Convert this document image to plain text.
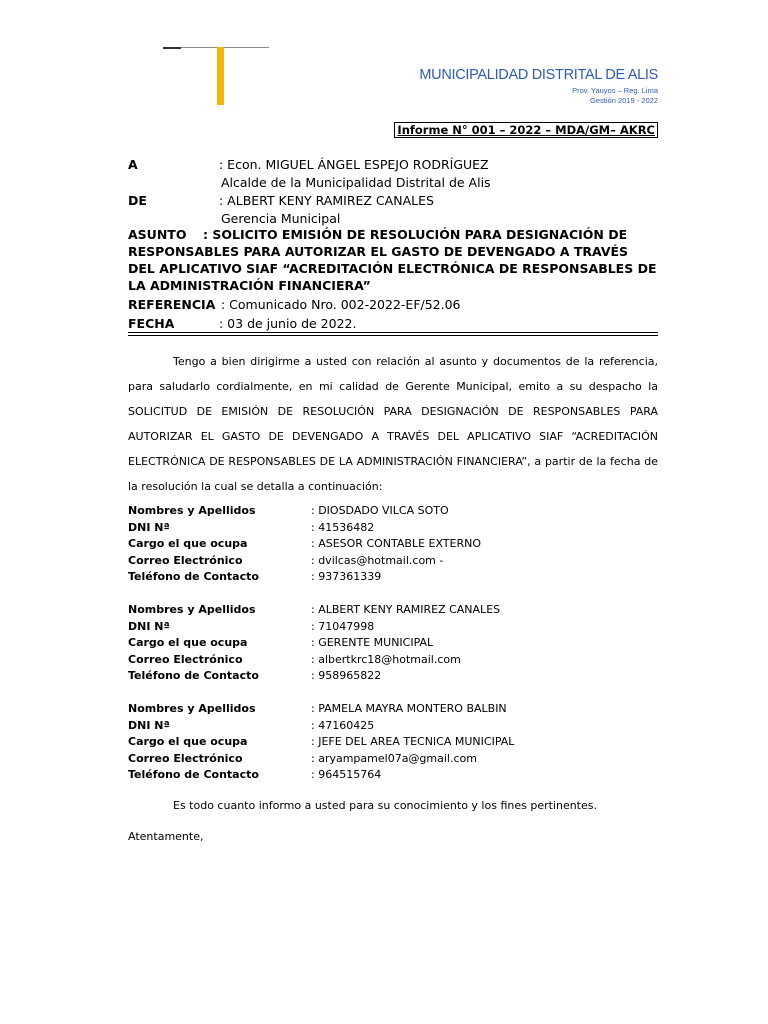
MUNICIPALIDAD DISTRITAL DE ALIS
Prov. Yauyos – Reg. Lima
Gestión 2019 - 2022
Informe N° 001 – 2022 – MDA/GM– AKRC
A	: Econ. MIGUEL ÁNGEL ESPEJO RODRÍGUEZ
Alcalde de la Municipalidad Distrital de Alis
DE	: ALBERT KENY RAMIREZ CANALES
Gerencia Municipal
ASUNTO : SOLICITO EMISIÓN DE RESOLUCIÓN PARA DESIGNACIÓN DE RESPONSABLES PARA AUTORIZAR EL GASTO DE DEVENGADO A TRAVÉS DEL APLICATIVO SIAF “ACREDITACIÓN ELECTRÓNICA DE RESPONSABLES DE LA ADMINISTRACIÓN FINANCIERA”
REFERENCIA : Comunicado Nro. 002-2022-EF/52.06
FECHA	: 03 de junio de 2022.
Tengo a bien dirigirme a usted con relación al asunto y documentos de la referencia, para saludarlo cordialmente, en mi calidad de Gerente Municipal, emito a su despacho la SOLICITUD DE EMISIÓN DE RESOLUCIÓN PARA DESIGNACIÓN DE RESPONSABLES PARA AUTORIZAR EL GASTO DE DEVENGADO A TRAVÉS DEL APLICATIVO SIAF “ACREDITACIÓN ELECTRÓNICA DE RESPONSABLES DE LA ADMINISTRACIÓN FINANCIERA”, a partir de la fecha de la resolución la cual se detalla a continuación:
Nombres y Apellidos	: DIOSDADO VILCA SOTO
DNI Nª	: 41536482
Cargo el que ocupa	: ASESOR CONTABLE EXTERNO
Correo Electrónico	: dvilcas@hotmail.com -
Teléfono de Contacto	: 937361339
Nombres y Apellidos	: ALBERT KENY RAMIREZ CANALES
DNI Nª	: 71047998
Cargo el que ocupa	: GERENTE MUNICIPAL
Correo Electrónico	: albertkrc18@hotmail.com
Teléfono de Contacto	: 958965822
Nombres y Apellidos	: PAMELA MAYRA MONTERO BALBIN
DNI Nª	: 47160425
Cargo el que ocupa	: JEFE DEL AREA TECNICA MUNICIPAL
Correo Electrónico	: aryampamel07a@gmail.com
Teléfono de Contacto	: 964515764
Es todo cuanto informo a usted para su conocimiento y los fines pertinentes.
Atentamente,
